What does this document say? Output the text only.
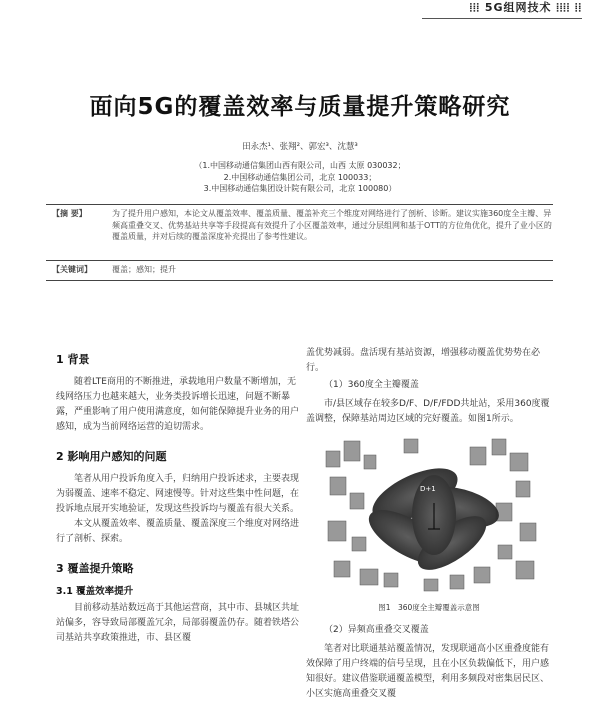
⦙⦙⦙ 5G组网技术 ⦙⦙⦙⦙ ⦙⦙
面向5G的覆盖效率与质量提升策略研究
田永杰¹、张翔²、郭宏³、沈慧³
（1.中国移动通信集团山西有限公司，山西 太原 030032；
2.中国移动通信集团公司，北京 100033；
3.中国移动通信集团设计院有限公司，北京 100080）
【摘 要】	为了提升用户感知，本论文从覆盖效率、覆盖质量、覆盖补充三个维度对网络进行了剖析、诊断。建议实施360度全主瓣、异频高重叠交叉、优势基站共享等手段提高有效提升了小区覆盖效率，通过分层组网和基于OTT的方位角优化，提升了业小区的覆盖质量，并对后续的覆盖深度补充提出了参考性建议。
【关键词】	覆盖；感知；提升
1 背景

随着LTE商用的不断推进，承载地用户数量不断增加，无线网络压力也越来越大，业务类投诉增长迅速，问题不断暴露，严重影响了用户使用满意度，如何能保障提升业务的用户感知，成为当前网络运营的迫切需求。

2 影响用户感知的问题

笔者从用户投诉角度入手，归纳用户投诉述求，主要表现为弱覆盖、速率不稳定、网速慢等。针对这些集中性问题，在投诉地点展开实地验证，发现这些投诉均与覆盖有很大关系。

本文从覆盖效率、覆盖质量、覆盖深度三个维度对网络进行了剖析、探索。

3 覆盖提升策略
3.1 覆盖效率提升

目前移动基站数远高于其他运营商，其中市、县城区共址站偏多，容导致局部覆盖冗余，局部弱覆盖仍存。随着铁塔公司基站共享政策推进，市、县区覆

盖优势减弱。盘活现有基站资源，增强移动覆盖优势势在必行。

（1）360度全主瓣覆盖

市/县区域存在较多D/F、D/F/FDD共址站，采用360度覆盖调整，保障基站周边区域的完好覆盖。如图1所示。

D+1
图1　360度全主瓣覆盖示意图

（2）异频高重叠交叉覆盖

笔者对比联通基站覆盖情况，发现联通高小区重叠度能有效保障了用户终端的信号呈现，且在小区负载偏低下，用户感知很好。建议借鉴联通覆盖模型，利用多频段对密集居民区、小区实施高重叠交叉覆
